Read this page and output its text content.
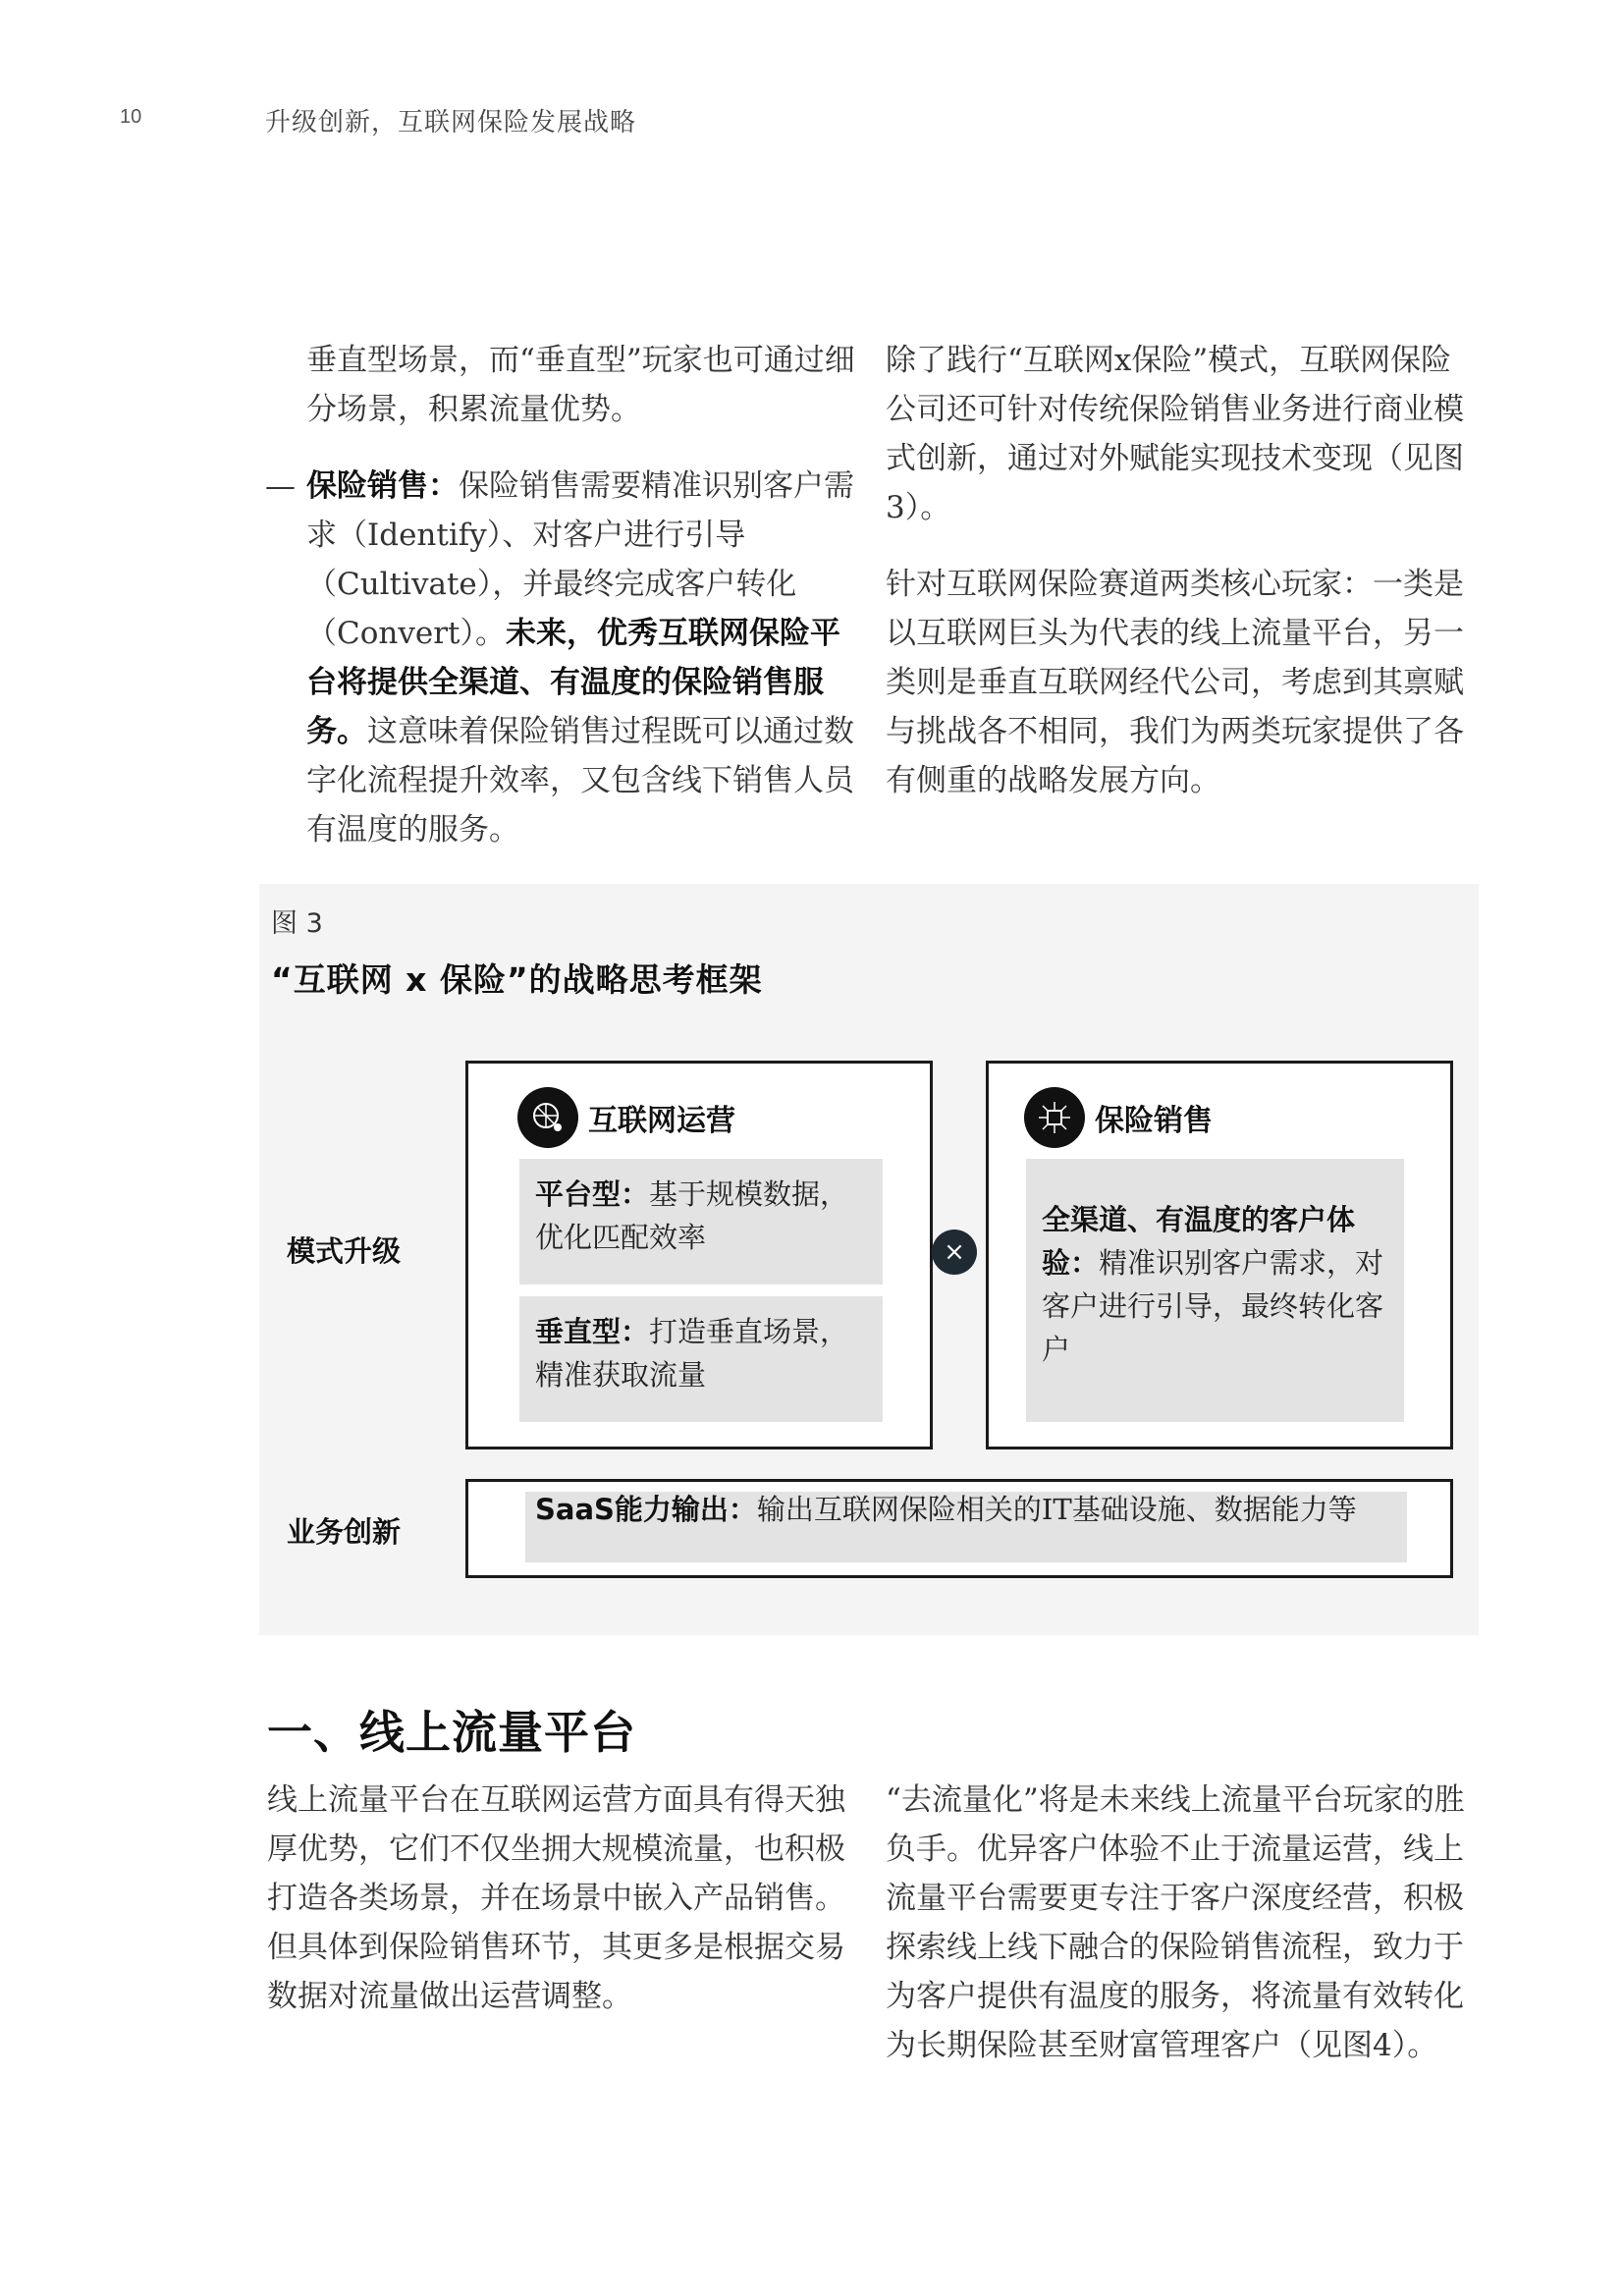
10	升级创新，互联网保险发展战略

垂直型场景，而“垂直型”玩家也可通过细分场景，积累流量优势。

— 保险销售：保险销售需要精准识别客户需求（Identify）、对客户进行引导（Cultivate），并最终完成客户转化（Convert）。未来，优秀互联网保险平台将提供全渠道、有温度的保险销售服务。这意味着保险销售过程既可以通过数字化流程提升效率，又包含线下销售人员有温度的服务。

除了践行“互联网x保险”模式，互联网保险公司还可针对传统保险销售业务进行商业模式创新，通过对外赋能实现技术变现（见图3）。

针对互联网保险赛道两类核心玩家：一类是以互联网巨头为代表的线上流量平台，另一类则是垂直互联网经代公司，考虑到其禀赋与挑战各不相同，我们为两类玩家提供了各有侧重的战略发展方向。

图 3
“互联网 x 保险”的战略思考框架
模式升级
业务创新
互联网运营
平台型：基于规模数据，优化匹配效率
垂直型：打造垂直场景，精准获取流量
×
保险销售
全渠道、有温度的客户体验：精准识别客户需求，对客户进行引导，最终转化客户
SaaS能力输出：输出互联网保险相关的IT基础设施、数据能力等
一、线上流量平台

线上流量平台在互联网运营方面具有得天独厚优势，它们不仅坐拥大规模流量，也积极打造各类场景，并在场景中嵌入产品销售。但具体到保险销售环节，其更多是根据交易数据对流量做出运营调整。

“去流量化”将是未来线上流量平台玩家的胜负手。优异客户体验不止于流量运营，线上流量平台需要更专注于客户深度经营，积极探索线上线下融合的保险销售流程，致力于为客户提供有温度的服务，将流量有效转化为长期保险甚至财富管理客户（见图4）。
